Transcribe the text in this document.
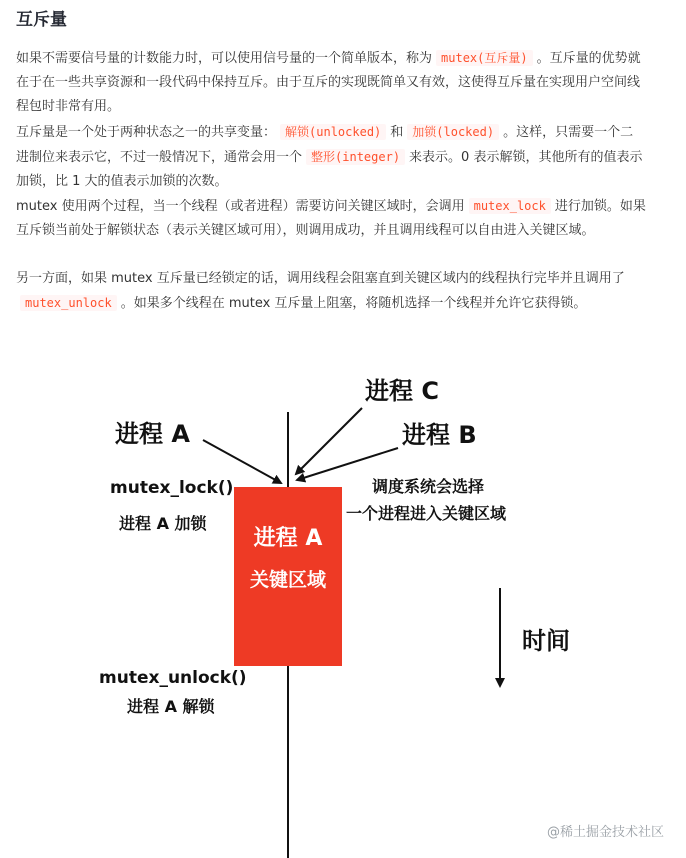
互斥量

如果不需要信号量的计数能力时，可以使用信号量的一个简单版本，称为 mutex(互斥量) 。互斥量的优势就在于在一些共享资源和一段代码中保持互斥。由于互斥的实现既简单又有效，这使得互斥量在实现用户空间线程包时非常有用。

互斥量是一个处于两种状态之一的共享变量： 解锁(unlocked) 和 加锁(locked) 。这样，只需要一个二进制位来表示它，不过一般情况下，通常会用一个 整形(integer) 来表示。0 表示解锁，其他所有的值表示加锁，比 1 大的值表示加锁的次数。

mutex 使用两个过程，当一个线程（或者进程）需要访问关键区域时，会调用 mutex_lock 进行加锁。如果互斥锁当前处于解锁状态（表示关键区域可用），则调用成功，并且调用线程可以自由进入关键区域。

另一方面，如果 mutex 互斥量已经锁定的话，调用线程会阻塞直到关键区域内的线程执行完毕并且调用了mutex_unlock 。如果多个线程在 mutex 互斥量上阻塞，将随机选择一个线程并允许它获得锁。

进程 C
进程 A	进程 B
mutex_lock()
进程 A 加锁
调度系统会选择
一个进程进入关键区域
进程 A
关键区域
时间
mutex_unlock()
进程 A 解锁
@稀土掘金技术社区
